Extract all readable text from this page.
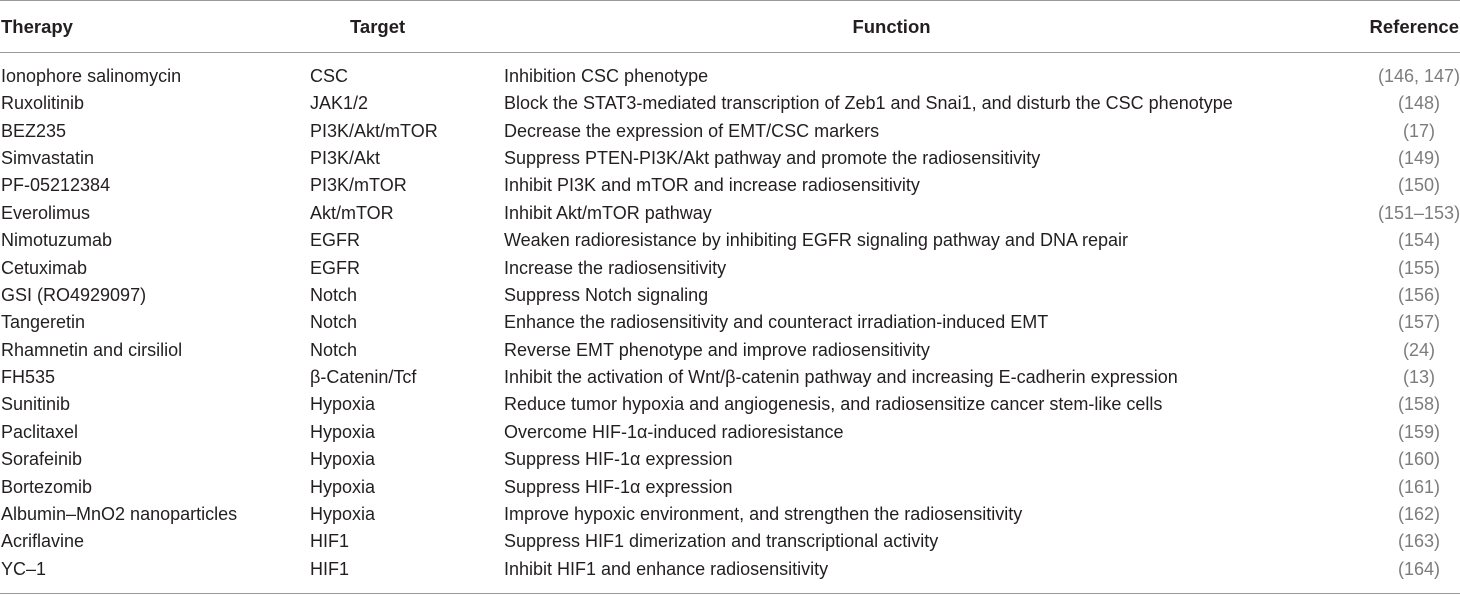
Therapy	Target	Function	Reference
Ionophore salinomycin	CSC	Inhibition CSC phenotype	(146, 147)
Ruxolitinib	JAK1/2	Block the STAT3-mediated transcription of Zeb1 and Snai1, and disturb the CSC phenotype	(148)
BEZ235	PI3K/Akt/mTOR	Decrease the expression of EMT/CSC markers	(17)
Simvastatin	PI3K/Akt	Suppress PTEN-PI3K/Akt pathway and promote the radiosensitivity	(149)
PF-05212384	PI3K/mTOR	Inhibit PI3K and mTOR and increase radiosensitivity	(150)
Everolimus	Akt/mTOR	Inhibit Akt/mTOR pathway	(151–153)
Nimotuzumab	EGFR	Weaken radioresistance by inhibiting EGFR signaling pathway and DNA repair	(154)
Cetuximab	EGFR	Increase the radiosensitivity	(155)
GSI (RO4929097)	Notch	Suppress Notch signaling	(156)
Tangeretin	Notch	Enhance the radiosensitivity and counteract irradiation-induced EMT	(157)
Rhamnetin and cirsiliol	Notch	Reverse EMT phenotype and improve radiosensitivity	(24)
FH535	β-Catenin/Tcf	Inhibit the activation of Wnt/β-catenin pathway and increasing E-cadherin expression	(13)
Sunitinib	Hypoxia	Reduce tumor hypoxia and angiogenesis, and radiosensitize cancer stem-like cells	(158)
Paclitaxel	Hypoxia	Overcome HIF-1α-induced radioresistance	(159)
Sorafeinib	Hypoxia	Suppress HIF-1α expression	(160)
Bortezomib	Hypoxia	Suppress HIF-1α expression	(161)
Albumin–MnO2 nanoparticles	Hypoxia	Improve hypoxic environment, and strengthen the radiosensitivity	(162)
Acriflavine	HIF1	Suppress HIF1 dimerization and transcriptional activity	(163)
YC–1	HIF1	Inhibit HIF1 and enhance radiosensitivity	(164)
